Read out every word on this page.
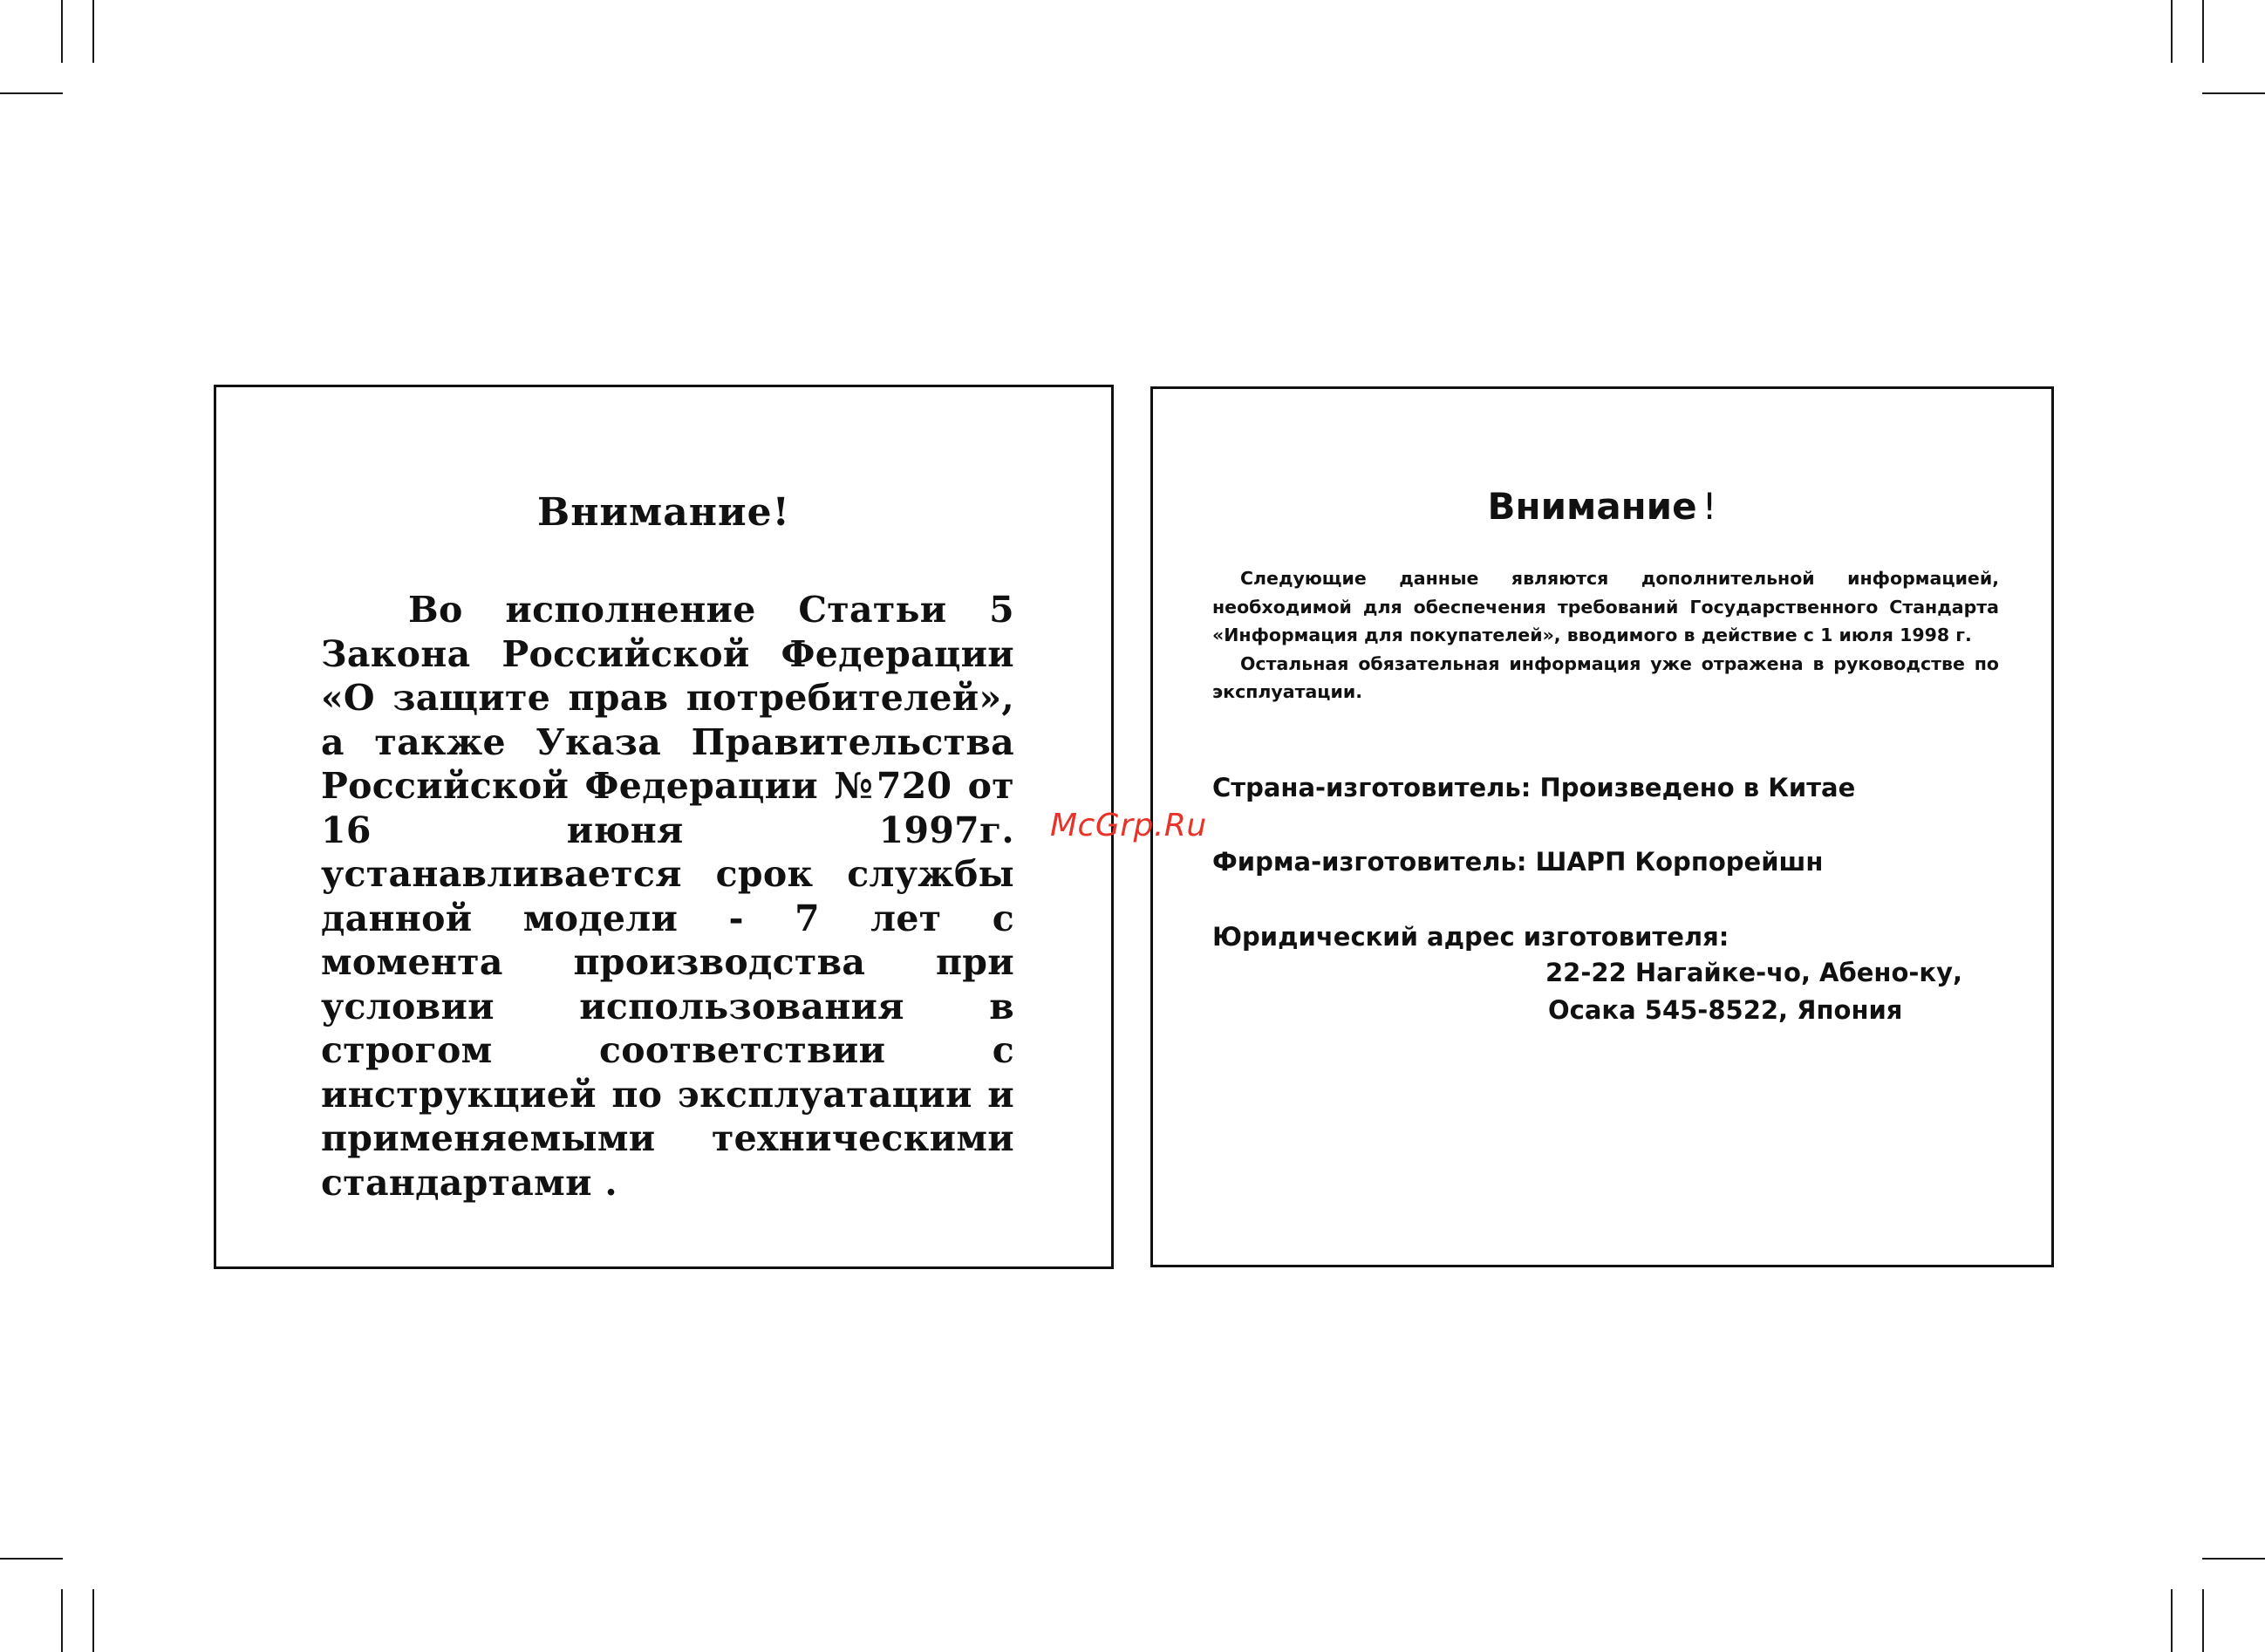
Внимание!

Во исполнение Статьи 5 Закона Российской Федерации «О защите прав потребителей», а также Указа Правительства Российской Федерации №720 от 16 июня 1997г. устанавливается срок службы данной модели - 7 лет с момента производства при условии использования в строгом соответствии с инструкцией по эксплуатации и применяемыми техническими стандартами .

Внимание !

Следующие данные являются дополнительной информацией, необходимой для обеспечения требований Государственного Стандарта «Информация для покупателей», вводимого в действие с 1 июля 1998 г.

Остальная обязательная информация уже отражена в руководстве по эксплуатации.

Страна-изготовитель: Произведено в Китае
Фирма-изготовитель: ШАРП Корпорейшн
Юридический адрес изготовителя:
22-22 Нагайке-чо, Абено-ку,
Осака 545-8522, Япония
McGrp.Ru
